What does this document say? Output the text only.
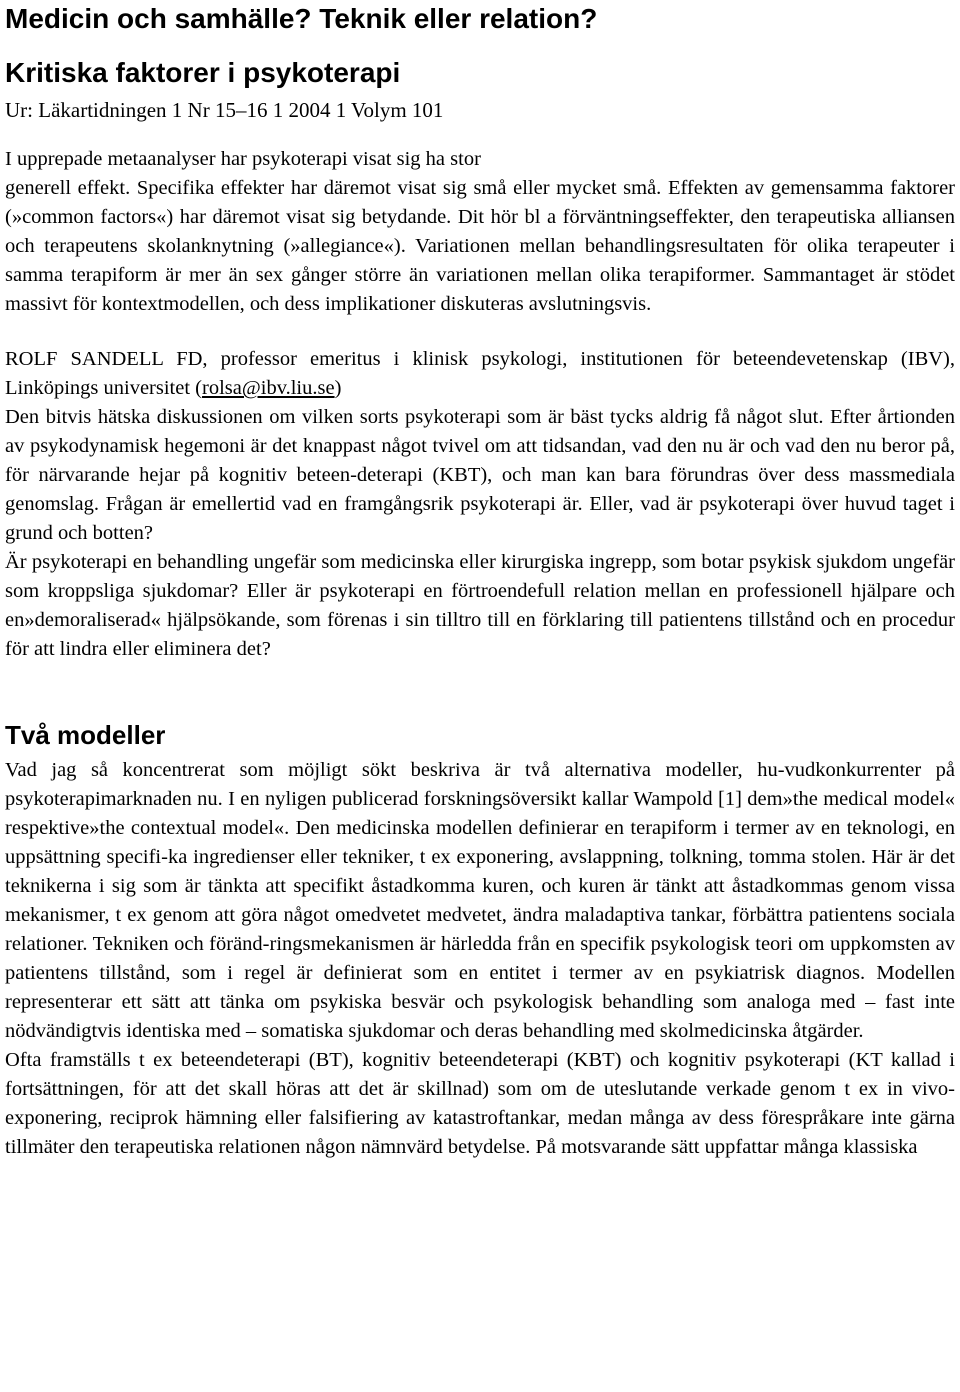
Medicin och samhälle? Teknik eller relation?
Kritiska faktorer i psykoterapi
Ur: Läkartidningen 1 Nr 15–16 1 2004 1 Volym 101

I upprepade metaanalyser har psykoterapi visat sig ha stor
generell effekt. Specifika effekter har däremot visat sig små eller mycket små. Effekten av gemensamma faktorer (»common factors«) har däremot visat sig betydande. Dit hör bl a förväntningseffekter, den terapeutiska alliansen och terapeutens skolanknytning (»allegiance«). Variationen mellan behandlingsresultaten för olika terapeuter i samma terapiform är mer än sex gånger större än variationen mellan olika terapiformer. Sammantaget är stödet massivt för kontextmodellen, och dess implikationer diskuteras avslutningsvis.

ROLF SANDELL FD, professor emeritus i klinisk psykologi, institutionen för beteendevetenskap (IBV), Linköpings universitet (rolsa@ibv.liu.se)

Den bitvis hätska diskussionen om vilken sorts psykoterapi som är bäst tycks aldrig få något slut. Efter årtionden av psykodynamisk hegemoni är det knappast något tvivel om att tidsandan, vad den nu är och vad den nu beror på, för närvarande hejar på kognitiv beteen-deterapi (KBT), och man kan bara förundras över dess massmediala genomslag. Frågan är emellertid vad en framgångsrik psykoterapi är. Eller, vad är psykoterapi över huvud taget i grund och botten?

Är psykoterapi en behandling ungefär som medicinska eller kirurgiska ingrepp, som botar psykisk sjukdom ungefär som kroppsliga sjukdomar? Eller är psykoterapi en förtroendefull relation mellan en professionell hjälpare och en»demoraliserad« hjälpsökande, som förenas i sin tilltro till en förklaring till patientens tillstånd och en procedur för att lindra eller eliminera det?

Två modeller

Vad jag så koncentrerat som möjligt sökt beskriva är två alternativa modeller, hu-vudkonkurrenter på psykoterapimarknaden nu. I en nyligen publicerad forskningsöversikt kallar Wampold [1] dem»the medical model« respektive»the contextual model«. Den medicinska modellen definierar en terapiform i termer av en teknologi, en uppsättning specifi-ka ingredienser eller tekniker, t ex exponering, avslappning, tolkning, tomma stolen. Här är det teknikerna i sig som är tänkta att specifikt åstadkomma kuren, och kuren är tänkt att åstadkommas genom vissa mekanismer, t ex genom att göra något omedvetet medvetet, ändra maladaptiva tankar, förbättra patientens sociala relationer. Tekniken och föränd-ringsmekanismen är härledda från en specifik psykologisk teori om uppkomsten av patientens tillstånd, som i regel är definierat som en entitet i termer av en psykiatrisk diagnos. Modellen representerar ett sätt att tänka om psykiska besvär och psykologisk behandling som analoga med – fast inte nödvändigtvis identiska med – somatiska sjukdomar och deras behandling med skolmedicinska åtgärder.

Ofta framställs t ex beteendeterapi (BT), kognitiv beteendeterapi (KBT) och kognitiv psykoterapi (KT kallad i fortsättningen, för att det skall höras att det är skillnad) som om de uteslutande verkade genom t ex in vivo-exponering, reciprok hämning eller falsifiering av katastroftankar, medan många av dess förespråkare inte gärna tillmäter den terapeutiska relationen någon nämnvärd betydelse. På motsvarande sätt uppfattar många klassiska
